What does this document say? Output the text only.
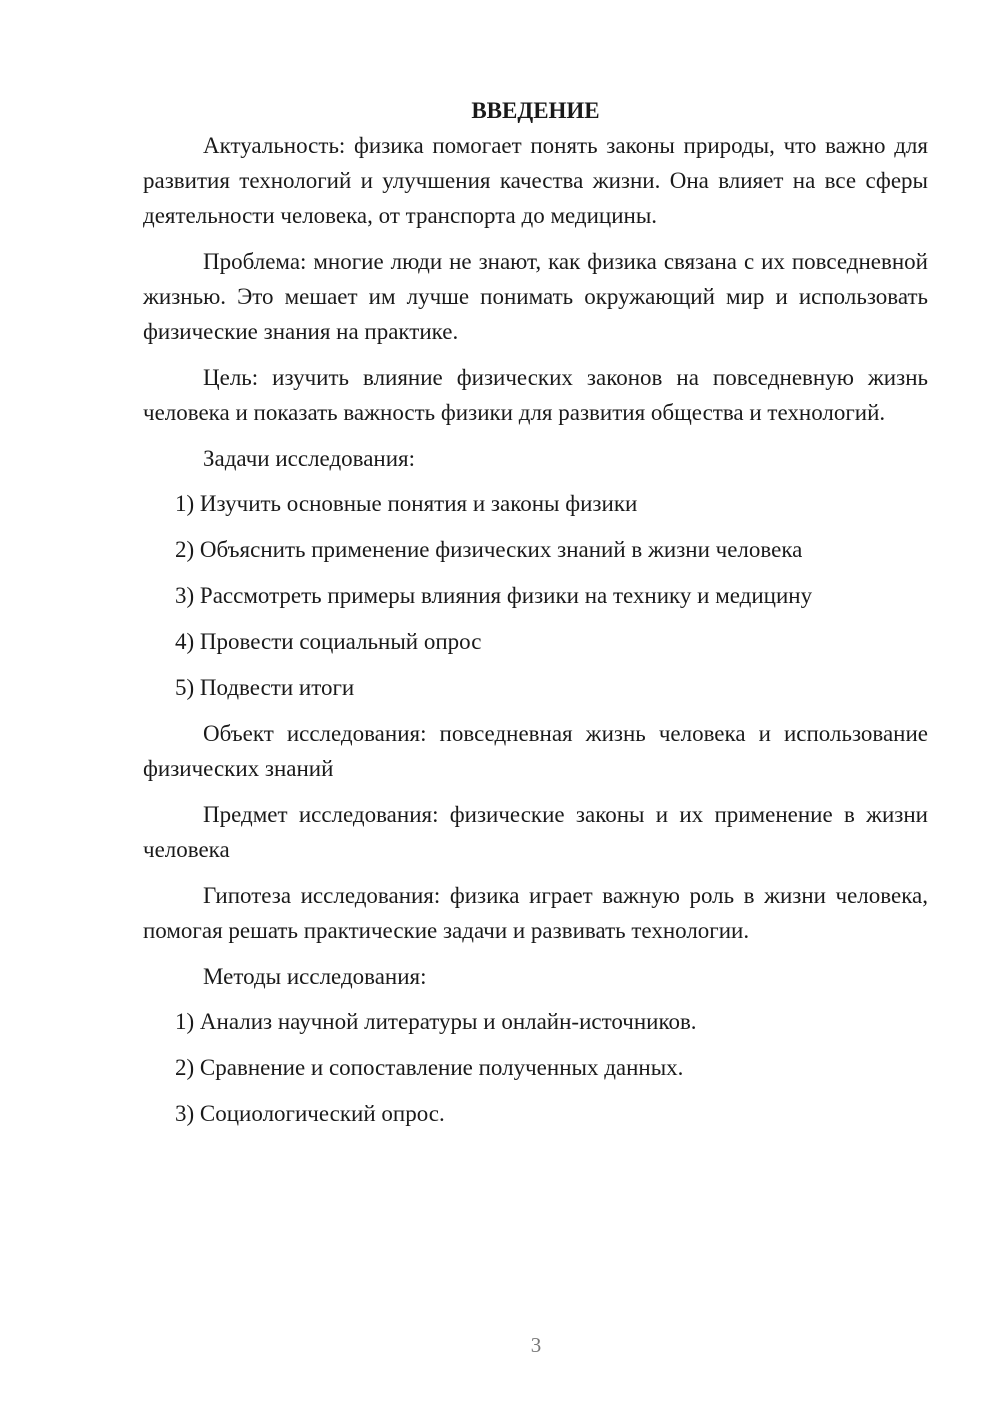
ВВЕДЕНИЕ

Актуальность: физика помогает понять законы природы, что важно для развития технологий и улучшения качества жизни. Она влияет на все сферы деятельности человека, от транспорта до медицины.

Проблема: многие люди не знают, как физика связана с их повседневной жизнью. Это мешает им лучше понимать окружающий мир и использовать физические знания на практике.

Цель: изучить влияние физических законов на повседневную жизнь человека и показать важность физики для развития общества и технологий.

Задачи исследования:

1) Изучить основные понятия и законы физики

2) Объяснить применение физических знаний в жизни человека

3) Рассмотреть примеры влияния физики на технику и медицину

4) Провести социальный опрос

5) Подвести итоги

Объект исследования: повседневная жизнь человека и использование физических знаний

Предмет исследования: физические законы и их применение в жизни человека

Гипотеза исследования: физика играет важную роль в жизни человека, помогая решать практические задачи и развивать технологии.

Методы исследования:

1) Анализ научной литературы и онлайн-источников.

2) Сравнение и сопоставление полученных данных.

3) Социологический опрос.

3
